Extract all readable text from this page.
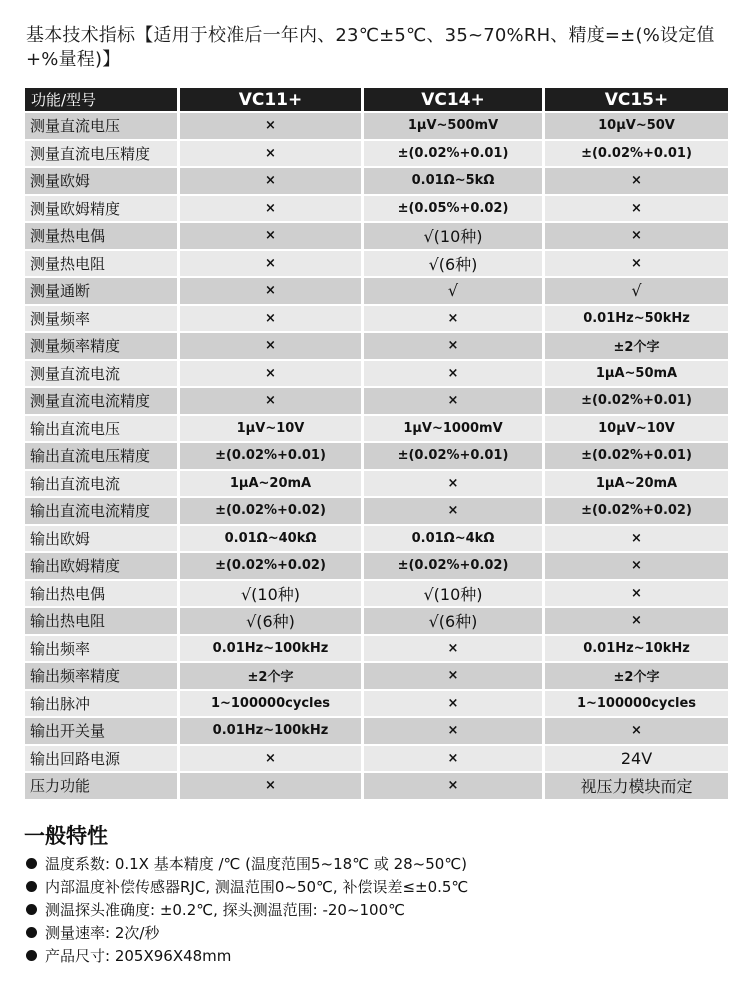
基本技术指标【适用于校准后一年内、23℃±5℃、35~70%RH、精度=±(%设定值+%量程)】
功能/型号	VC11+	VC14+	VC15+
测量直流电压	×	1μV~500mV	10μV~50V
测量直流电压精度	×	±(0.02%+0.01)	±(0.02%+0.01)
测量欧姆	×	0.01Ω~5kΩ	×
测量欧姆精度	×	±(0.05%+0.02)	×
测量热电偶	×	√(10种)	×
测量热电阻	×	√(6种)	×
测量通断	×	√	√
测量频率	×	×	0.01Hz~50kHz
测量频率精度	×	×	±2个字
测量直流电流	×	×	1μA~50mA
测量直流电流精度	×	×	±(0.02%+0.01)
输出直流电压	1μV~10V	1μV~1000mV	10μV~10V
输出直流电压精度	±(0.02%+0.01)	±(0.02%+0.01)	±(0.02%+0.01)
输出直流电流	1μA~20mA	×	1μA~20mA
输出直流电流精度	±(0.02%+0.02)	×	±(0.02%+0.02)
输出欧姆	0.01Ω~40kΩ	0.01Ω~4kΩ	×
输出欧姆精度	±(0.02%+0.02)	±(0.02%+0.02)	×
输出热电偶	√(10种)	√(10种)	×
输出热电阻	√(6种)	√(6种)	×
输出频率	0.01Hz~100kHz	×	0.01Hz~10kHz
输出频率精度	±2个字	×	±2个字
输出脉冲	1~100000cycles	×	1~100000cycles
输出开关量	0.01Hz~100kHz	×	×
输出回路电源	×	×	24V
压力功能	×	×	视压力模块而定
一般特性
温度系数: 0.1X 基本精度 /℃ (温度范围5~18℃ 或 28~50℃)
内部温度补偿传感器RJC, 测温范围0~50℃, 补偿误差≤±0.5℃
测温探头准确度: ±0.2℃, 探头测温范围: -20~100℃
测量速率: 2次/秒
产品尺寸: 205X96X48mm
